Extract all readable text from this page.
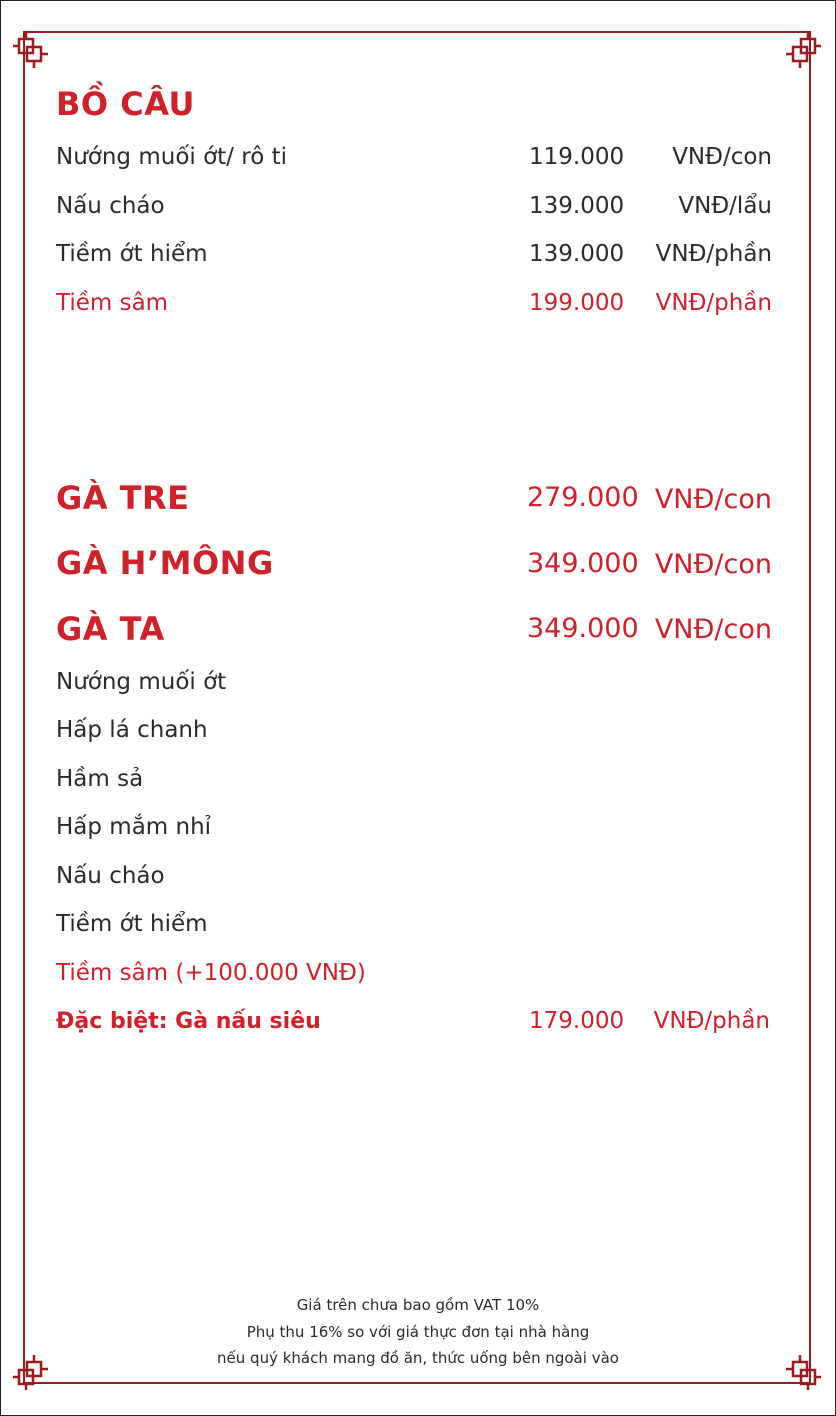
BỒ CÂU
Nướng muối ớt/ rô ti	119.000	VNĐ/con
Nấu cháo	139.000	VNĐ/lẩu
Tiềm ớt hiểm	139.000	VNĐ/phần
Tiềm sâm	199.000	VNĐ/phần
GÀ TRE	279.000 VNĐ/con
GÀ H’MÔNG	349.000 VNĐ/con
GÀ TA	349.000 VNĐ/con
Nướng muối ớt
Hấp lá chanh
Hầm sả
Hấp mắm nhỉ
Nấu cháo
Tiềm ớt hiểm
Tiềm sâm (+100.000 VNĐ)
Đặc biệt: Gà nấu siêu	179.000	VNĐ/phần
Giá trên chưa bao gồm VAT 10%
Phụ thu 16% so với giá thực đơn tại nhà hàng
nếu quý khách mang đồ ăn, thức uống bên ngoài vào
